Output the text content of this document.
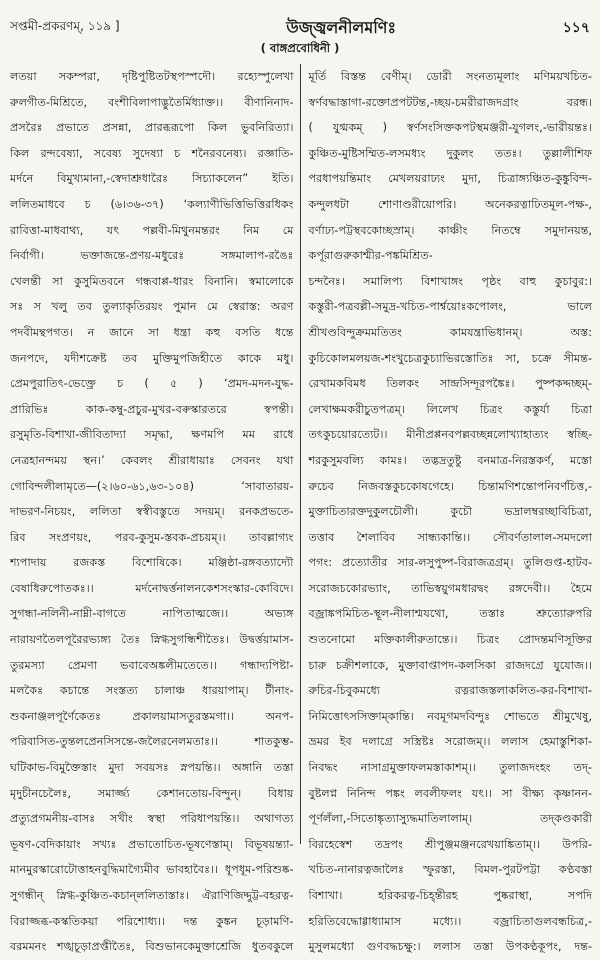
সপ্তমী-প্রকরণম্‌, ১১৯ ]	উজ্জ্বলনীলমণিঃ	১১৭
( বাঙ্গপ্রবোধিনী )
লতয়া সকম্পরা, দৃষ্টিপুষ্টিতটস্থপস্পদৌ। রহ্যেস্পুলেখা
রুলগীত-মিশ্রিতে, বংশীবিলাপাদ্ভুতৈর্মিধ্যাক্ত।। বীণানিনাদ-
প্রসরৈঃ প্রভাতে প্রসন্না, প্রারব্ধরূপো কিল ভুবনিরিত্যা।
কিল রন্দবেষ্যা, সবেষ্য সুদেষ্যা চ শনৈরবনেষ্য। রজ্ঞাতি-
মর্দনে বিমুখ্যমানা,-স্বেদাশ্রুধারৈঃ সিচ্যাকলেন” ইতি।
ললিতমাধবে চ (৬।৩৬-৩৭) ‘কল্যাণীভিত্তিভিত্তিরধিকং
রাবিত্তা-মাধবাথ্য, যৎ পল্লবী-মিথুনমন্তরং নিম মে
নির্বাগী। ভক্তাজন্তে-প্রণয়-মধুরেঃ সঙ্গমালাপ-রঙৈঃ
খেলন্তী সা কুসুমিতবনে গন্ধবাপ্প-ধারং বিনানি। স্বমালোকে
সঃ স খলু তব তুল্যাকৃতিরয়ং পুমান মে স্বেরাস্ত: অরণ
পদবীমন্থপগত। ন জানে সা ধন্ত্রা কহু বসতি ধন্তে
জনপদে, যদীশক্রেষ্ট তব মুক্তিমুপজিহীতে কাকে মধু।
প্রেমপুরাতিৎ-ভেক্ত্রে চ ( ৫ ) ‘প্রমদ-মদন-যুদ্ধ-
প্রারিভিঃ কাক-কম্বু-প্রচুর-মুখর-বৰুস্কারতরে স্বপন্তী।
রসুমৃতি-বিশাখা-জীবিতাদ্যা সমৃদ্ধা, ক্ষণমপি মম রাধে
নেত্রহানন্দময় স্থন।’ কেবলং শ্রীরাধায়াঃ সেবনং যথা
গোবিন্দলীলামৃতে—(২।৬০-৬১,৬৩-১০৪) ‘সাবাতারয়-
দাভরণ-নিচয়ং, ললিতা স্বস্বীবস্তুতে সদয়ম্‌। রনকপ্রভতে-
রিব সংপ্রণয়ং, পরব-কুসুম-স্তবক-প্রচয়ম্‌।। তাবল্লাগ্যং
শ্যপাদায় রজকস্ত বিশোষিকে। মঞ্জিষ্ঠা-রঙ্গবত্যাদ্যৌ
বেষাধিরুপোতকঃ।। মর্দনোদ্বর্ত্তনালনকেশসংস্কার-কোবিদে।
সুগন্ধা-নলিনী-নাম্নী-বাগতে নাপিতাত্মজে।। অভ্যঙ্গ
নারায়ণতৈলপূরৈরভ্যঙ্গ্য তৈঃ স্নিগ্ধসুগন্ধিশীতৈঃ। উদ্বর্ত্তয়ামাস-
তুরমস্যা প্রেমণা ভবাবেঅঙ্কলীমতেতে।। গন্ধাদ্যপিষ্টা-
মলকৈঃ কচান্তে সংস্তত্য চালাঞ্চ ধারয়াপাম্‌। টীনাং-
শুকনাঞ্জলপূর্ণৈকেতঃ প্রকালয়ামাসতুরস্তমগা।। অনপ-
পরিবাসিত-তুন্তলপ্রেনসিসন্তে-জলৈরনেলমতাঃ।। শাতকুম্ভ-
ঘটিকাভ-বিমুক্তৈস্তাং মুদা সবয়সঃ স্নপয়ন্তি।। অঙ্গানি তস্তা
মৃদুচীনচেলৈঃ, সমার্জ্জ্য কেশানতোয়-বিন্দুন্‌। বিধায়
প্রত্যুপ্রগমনীয়-বাসঃ সখীং স্বস্থা পরিধাপয়ন্তি।। অথাগত্য
ভূষণ-বেদিকায়াং সখ্যঃ প্রভাতোচিত-ভূষণেস্তাম্‌। বিভূষয়ন্ত্যা-
মানমুরস্কারোটোত্তাহনবুদ্ধিমাগ্যৈমীব ভাবহাবৈঃ।। ধূপধূম-পরিশুষ্ক-
সুগন্ধীন্‌ স্নিগ্ধ-কুঞ্চিত-কচান্‌ললিতাস্তাঃ। ঐরাণিজিদ্দুট্ট-বহরত্ন-
বিরাজ্জব্ধ-কস্কতিকয়া পরিশোধ্য।। দন্ত কুঙ্কন চূড়ামণি-
বরমমনং শঙ্খচূড়াপ্রপ্তীতৈঃ, বিশুভানকেমুক্তাশ্রেজি ধুতবকুলে
মূর্তি বিস্তন্ত বেণীম্‌। ডোরী সংনত্যমূলাং মণিময়খচিত-
স্বর্ণবদ্ধাস্তাগা-রক্তোপ্রপটটন্ত,-চ্ছয়-চমরীরাজদগ্রাং বরন্ধ।
( যুগ্মকম্‌ ) স্বর্ণসংসিক্তকপটস্থমঞ্জরী-যুগলং,-ভারীয়ন্তঃ।
কুঞ্চিত-মুষ্টিসম্মিত-লসমধ্যং দুকুলং ততঃ। তুল্লালীশিফ
পরধাপয়ন্তিমাং মেখলয়রাঢ্যং মুদা, চিত্রাঙ্গ্যঞ্চিত-কুঙ্কুবিন্দ-
কন্দুলধটা শোণাণ্ডরীয়োপরি। অনেকরত্নাঢিতমূল-পক্ষ-,
বর্ণাঢ্য-পট্টস্থবকোচ্ছস্রাম্‌। কাঞ্চীং নিতম্বে সমুদানয়ন্ত,
কর্পূরাগুরুকাশ্মীর-পঙ্কমিশ্রিত-
চন্দনৈঃ। সমালিপ্য বিশাখাঙ্গং পৃষ্ঠং বাহু কুচাবুর:।
কস্তুরী-পত্রবল্লী-সমুদ্র-খচিত-পার্শ্বয়োঃকপোলং, ভালে
শ্রীখণ্ডবিন্দুক্রমমতিতং কামযন্ত্রাভিধানম্‌। অস্ত:
কুচিকোলমলয়জ-শংখুচেত্রকুচ্যাভিরস্তোতিঃ সা, চক্রে সীমন্ত-
রেখামকবিমধ তিলকং সান্দ্রসিন্দূরপঙ্কৈঃ। পুষ্পকদ্দচ্ছম্‌-
লেখাক্ষমকরীচুতপত্রম্‌। লিলেখ চিত্রং কস্তুর্যা চিত্রা
তৎকুচয়োরত্যেট।। মীনীপ্রপ্পনবপল্লবচ্ছন্নলোখ্যাহাত্যং স্বচ্ছি-
শরকুসুমবল্যি কামঃ। তদ্ভদ্রতুষ্টু বনমাত্র-নিরস্তকর্ণ, মস্তো
রুচেব নিজবস্তকুচকোষগেহে। চিন্তামণিশন্তোপনিবর্ণচিত্ত,-
মুক্তাচিতারক্তদুকুলচৌলী। কুচৌ ভদ্রালম্বরচ্ছাবিচিত্রা,
তত্তাব শৈলাবিব সান্ধ্যকান্তি।। সৌবর্ণতালাল-সমদলো
পগং: প্রত্যোতীর সার-লসুপুষ্প-বিরাজত্রগ্রম্‌। তুলিগুপ্ত-হাটব-
সরোজচকোরভ্যাং, তাভিস্বয়ুগমধারদ্বং রঙ্গদেবী।। হৈমে
বজ্রাঙ্কপমিচিত-স্থূল-নীলাশ্মযথো, তস্তাঃ শ্রুত্যোরুপরি
শুতনোমো মক্তিকালীরুতান্তে।। চিত্রং প্রোদন্তমণিসূক্তির
চারু চক্রীশলাকে, মুক্তাবাপ্তাপদ-কলসিকা রাজদগ্রে যুযোজ।।
রুচির-চিবুকমধ্যে রত্নরাজস্তলাকলিত-কর-বিশাখা-
নিমিত্তোৎসসিক্তাম্‌কান্তি। নবমূগমদবিন্দুঃ শোভতে শ্রীমুখেষু,
ভ্রমর ইব দলাগ্রে সস্ত্রিষ্টঃ সরোজম্‌।। ললাস হেমাস্তুশিকা-
নিবদ্ধং নাসাগ্রমুক্তাফলমস্তাকাশম্‌।। তুলাজদংহং তদ্-
বুষ্টলপ্ন নিনিন্দ পঙ্কং লবলীফলং যৎ।। সা বীক্ষ্য কৃষ্ণানন-
পূর্ণলঁলা,-সিতোঙ্কৃত্যাস্যুদ্ধমাতিলালাম্‌। তদ্‌কণ্ডকারী
বিরহেস্বেশ তদ্রপং শ্রীপুঞ্জমঞ্জনরেখয়াঙ্কিতাম্‌।। উপরি-
খচিত-নানারত্নজালৈঃ স্ফুরস্তা, বিমল-পুরটপট্টা কণ্ঠবস্তা
বিশাখা। হরিকরত্ন-চিহ্ন্তীরহ পুষ্করাস্থা, সপদি
হরিতিবেদ্ধোগ্গাধ্যামাস মধ্যে।। বজ্রাচিতাগুলবন্ধচিত্র,-
মুসুলমধ্যো গুণবদ্ধচক্ষু:। ললাস তস্তা উপকণ্ঠকূপং, দন্ত-
